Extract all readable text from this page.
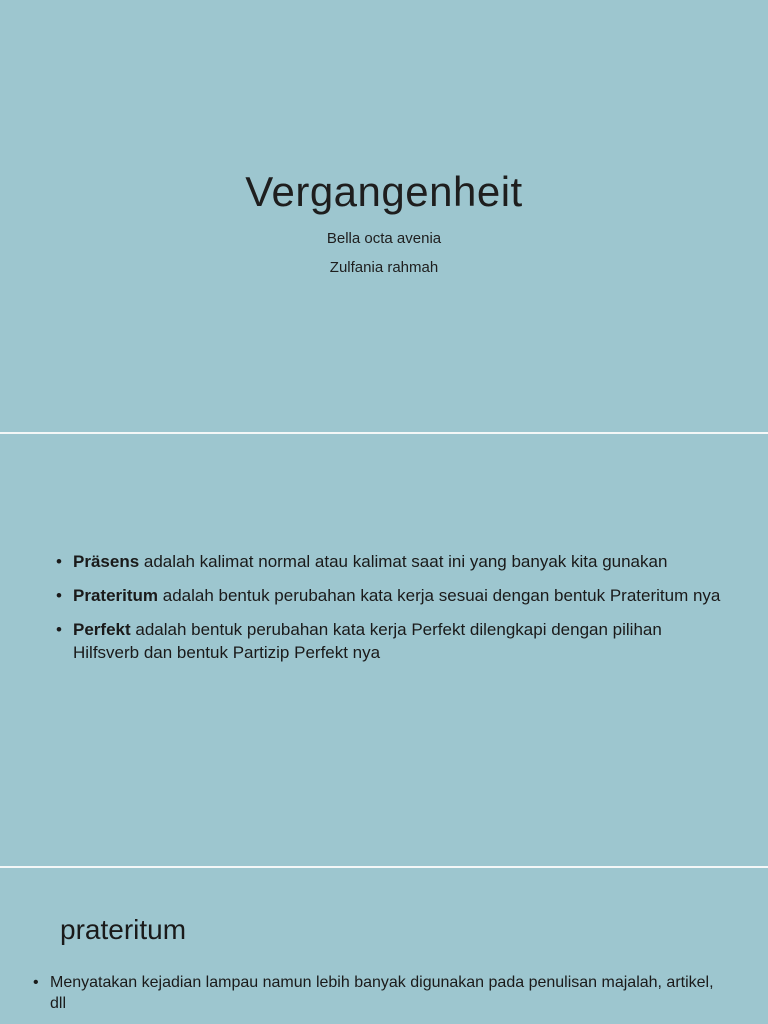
Vergangenheit
Bella octa avenia
Zulfania rahmah
• Präsens adalah kalimat normal atau kalimat saat ini yang banyak kita gunakan
• Prateritum adalah bentuk perubahan kata kerja sesuai dengan bentuk Prateritum nya
• Perfekt adalah bentuk perubahan kata kerja Perfekt dilengkapi dengan pilihan Hilfsverb dan bentuk Partizip Perfekt nya
prateritum
• Menyatakan kejadian lampau namun lebih banyak digunakan pada penulisan majalah, artikel, dll
